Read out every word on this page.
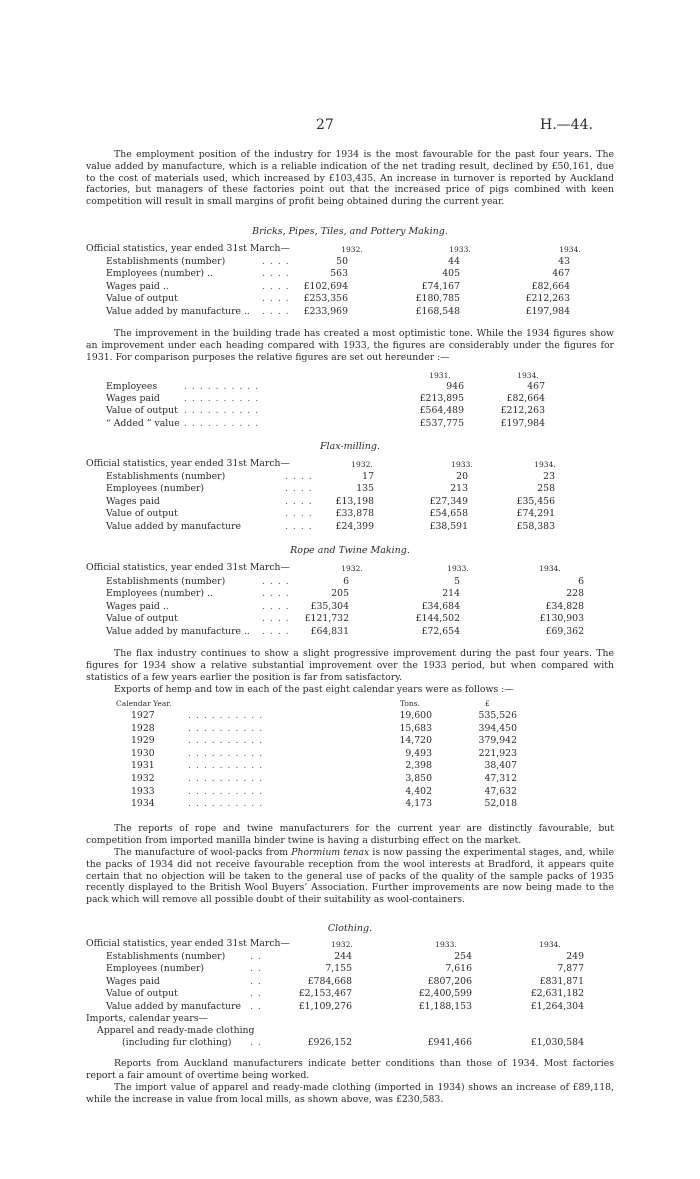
27	H.—44.
The employment position of the industry for 1934 is the most favourable for the past four years. The value added by manufacture, which is a reliable indication of the net trading result, declined by £50,161, due to the cost of materials used, which increased by £103,435. An increase in turnover is reported by Auckland factories, but managers of these factories point out that the increased price of pigs combined with keen competition will result in small margins of profit being obtained during the current year.
Bricks, Pipes, Tiles, and Pottery Making.
Official statistics, year ended 31st March—
The improvement in the building trade has created a most optimistic tone. While the 1934 figures show an improvement under each heading compared with 1933, the figures are considerably under the figures for 1931. For comparison purposes the relative figures are set out hereunder :—
Flax-milling.
Official statistics, year ended 31st March—
Rope and Twine Making.
Official statistics, year ended 31st March—
The flax industry continues to show a slight progressive improvement during the past four years. The figures for 1934 show a relative substantial improvement over the 1933 period, but when compared with statistics of a few years earlier the position is far from satisfactory.
Exports of hemp and tow in each of the past eight calendar years were as follows :—
Calendar Year.	Tons.	£
The reports of rope and twine manufacturers for the current year are distinctly favourable, but competition from imported manilla binder twine is having a disturbing effect on the market.
The manufacture of wool-packs from Phormium tenax is now passing the experimental stages, and, while the packs of 1934 did not receive favourable reception from the wool interests at Bradford, it appears quite certain that no objection will be taken to the general use of packs of the quality of the sample packs of 1935 recently displayed to the British Wool Buyers’ Association. Further improvements are now being made to the pack which will remove all possible doubt of their suitability as wool-containers.
Clothing.
Official statistics, year ended 31st March—
Imports, calendar years—
Apparel and ready-made clothing
(including fur clothing) . .	£926,152	£941,466	£1,030,584
Reports from Auckland manufacturers indicate better conditions than those of 1934. Most factories report a fair amount of overtime being worked.
The import value of apparel and ready-made clothing (imported in 1934) shows an increase of £89,118, while the increase in value from local mills, as shown above, was £230,583.
1932.	1933.	1934.
Establishments (number)	. . . .	50	44	43
Employees (number) ..	. . . .	563	405	467
Wages paid ..	. . . .	£102,694	£74,167	£82,664
Value of output	. . . .	£253,356	£180,785	£212,263
Value added by manufacture .. . . . .	£233,969	£168,548	£197,984
1932.	1933.	1934.
Establishments (number)	. . . .	17	20	23
Employees (number)	. . . .	135	213	258
Wages paid	. . . .	£13,198	£27,349	£35,456
Value of output	. . . .	£33,878	£54,658	£74,291
Value added by manufacture	. . . .	£24,399	£38,591	£58,383
1932.	1933.	1934.
Establishments (number)	. . . .	6	5	6
Employees (number) ..	. . . .	205	214	228
Wages paid ..	. . . .	£35,304	£34,684	£34,828
Value of output	. . . .	£121,732	£144,502	£130,903
Value added by manufacture .. . . . .	£64,831	£72,654	£69,362
1932.	1933.	1934.
Establishments (number)	. .	244	254	249
Employees (number)	. .	7,155	7,616	7,877
Wages paid	. .	£784,668	£807,206	£831,871
Value of output	. .	£2,153,467	£2,400,599	£2,631,182
Value added by manufacture . .	£1,109,276	£1,188,153	£1,264,304
1931.	1934.
Employees	. . . . . . . . . .	946	467
Wages paid	. . . . . . . . . .	£213,895	£82,664
Value of output . . . . . . . . . .	£564,489	£212,263
“ Added ” value . . . . . . . . . .	£537,775	£197,984
1927	. . . . . . . . . .	19,600	535,526
1928	. . . . . . . . . .	15,683	394,450
1929	. . . . . . . . . .	14,720	379,942
1930	. . . . . . . . . .	9,493	221,923
1931	. . . . . . . . . .	2,398	38,407
1932	. . . . . . . . . .	3,850	47,312
1933	. . . . . . . . . .	4,402	47,632
1934	. . . . . . . . . .	4,173	52,018
